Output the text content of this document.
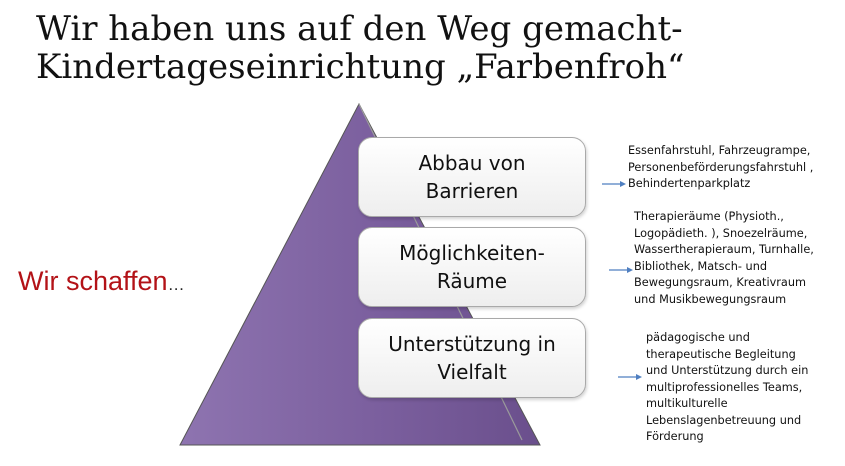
Wir haben uns auf den Weg gemacht-
Kindertageseinrichtung „Farbenfroh“
Wir schaffen…
Abbau von
Barrieren
Möglichkeiten-
Räume
Unterstützung in
Vielfalt
Essenfahrstuhl, Fahrzeugrampe,
Personenbeförderungsfahrstuhl ,
Behindertenparkplatz
Therapieräume (Physioth.,
Logopädieth. ), Snoezelräume,
Wassertherapieraum, Turnhalle,
Bibliothek, Matsch- und
Bewegungsraum, Kreativraum
und Musikbewegungsraum
pädagogische und
therapeutische Begleitung
und Unterstützung durch ein
multiprofessionelles Teams,
multikulturelle
Lebenslagenbetreuung und
Förderung
